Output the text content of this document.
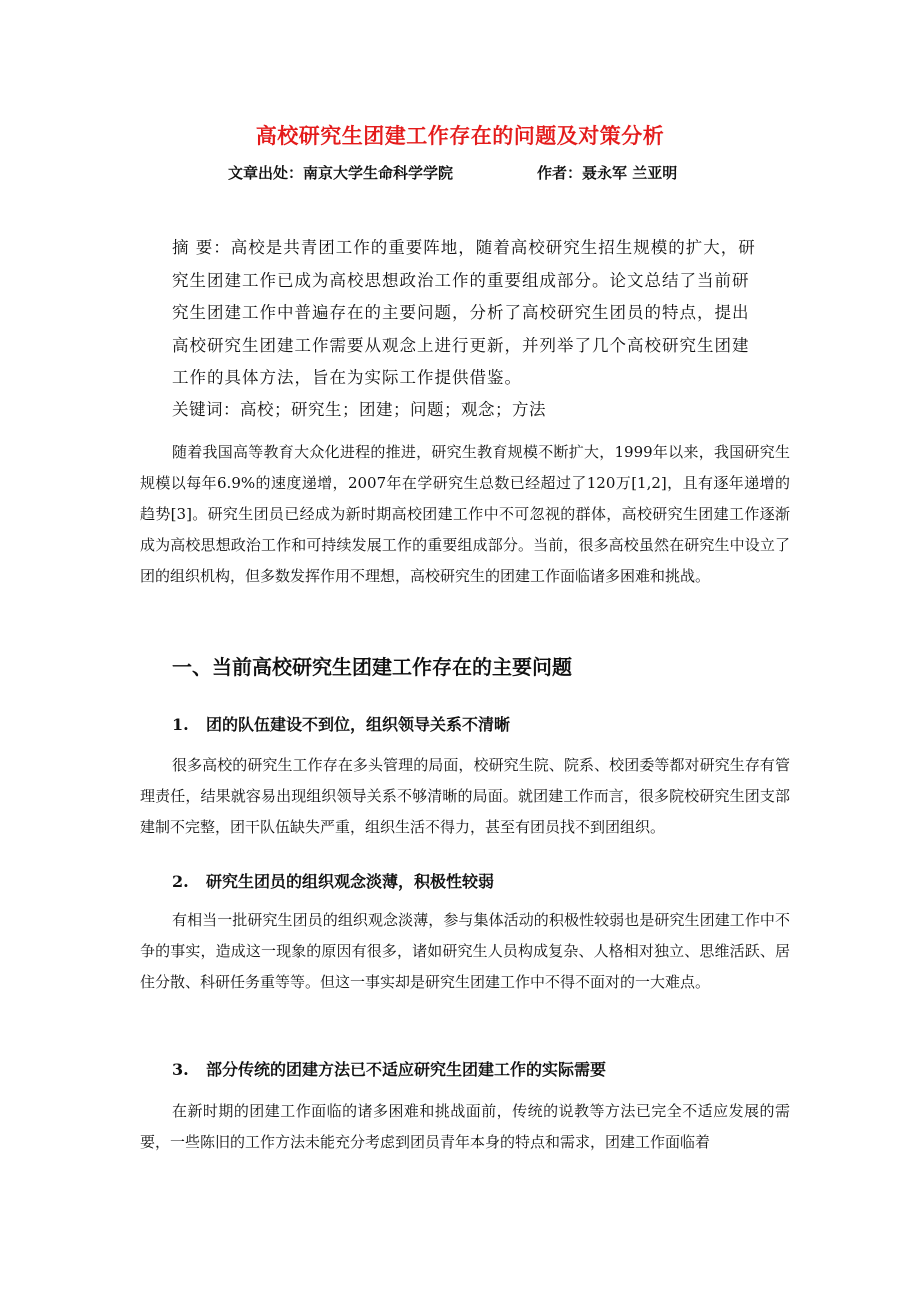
高校研究生团建工作存在的问题及对策分析
文章出处：南京大学生命科学学院	作者：聂永军 兰亚明
摘 要：高校是共青团工作的重要阵地，随着高校研究生招生规模的扩大，研究生团建工作已成为高校思想政治工作的重要组成部分。论文总结了当前研究生团建工作中普遍存在的主要问题，分析了高校研究生团员的特点，提出高校研究生团建工作需要从观念上进行更新，并列举了几个高校研究生团建工作的具体方法，旨在为实际工作提供借鉴。
关键词：高校；研究生；团建；问题；观念；方法
随着我国高等教育大众化进程的推进，研究生教育规模不断扩大，1999年以来，我国研究生规模以每年6.9%的速度递增，2007年在学研究生总数已经超过了120万[1,2]，且有逐年递增的趋势[3]。研究生团员已经成为新时期高校团建工作中不可忽视的群体，高校研究生团建工作逐渐成为高校思想政治工作和可持续发展工作的重要组成部分。当前，很多高校虽然在研究生中设立了团的组织机构，但多数发挥作用不理想，高校研究生的团建工作面临诸多困难和挑战。
一、当前高校研究生团建工作存在的主要问题
1. 团的队伍建设不到位，组织领导关系不清晰
很多高校的研究生工作存在多头管理的局面，校研究生院、院系、校团委等都对研究生存有管理责任，结果就容易出现组织领导关系不够清晰的局面。就团建工作而言，很多院校研究生团支部建制不完整，团干队伍缺失严重，组织生活不得力，甚至有团员找不到团组织。
2. 研究生团员的组织观念淡薄，积极性较弱
有相当一批研究生团员的组织观念淡薄，参与集体活动的积极性较弱也是研究生团建工作中不争的事实，造成这一现象的原因有很多，诸如研究生人员构成复杂、人格相对独立、思维活跃、居住分散、科研任务重等等。但这一事实却是研究生团建工作中不得不面对的一大难点。
3. 部分传统的团建方法已不适应研究生团建工作的实际需要
在新时期的团建工作面临的诸多困难和挑战面前，传统的说教等方法已完全不适应发展的需要，一些陈旧的工作方法未能充分考虑到团员青年本身的特点和需求，团建工作面临着
